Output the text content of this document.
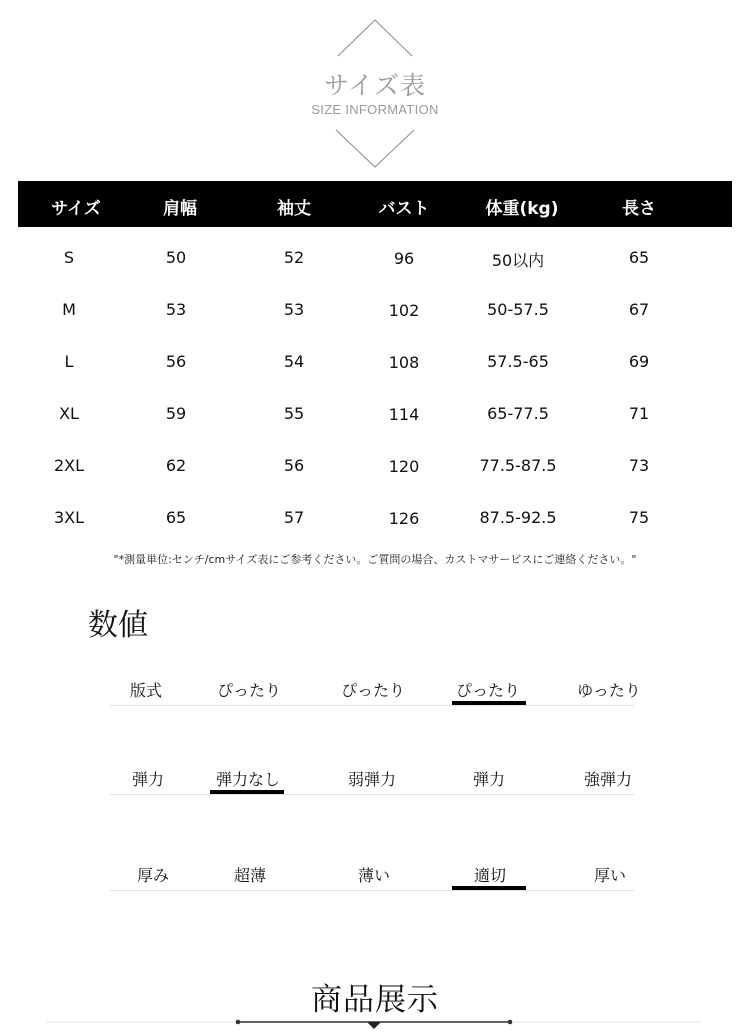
サイズ表
SIZE INFORMATION
サイズ	肩幅	袖丈	バスト	体重(kg)	長さ
S	50	52	96	50以内	65
M	53	53	102	50-57.5	67
L	56	54	108	57.5-65	69
XL	59	55	114	65-77.5	71
2XL	62	56	120	77.5-87.5	73
3XL	65	57	126	87.5-92.5	75
"*測量単位:センチ/cmサイズ表にご参考ください。ご質問の場合、カストマサービスにご連絡ください。"
数値
版式	ぴったり	ぴったり	ぴったり	ゆったり
弾力	弾力なし	弱弾力	弾力	強弾力
厚み	超薄	薄い	適切	厚い
商品展示
